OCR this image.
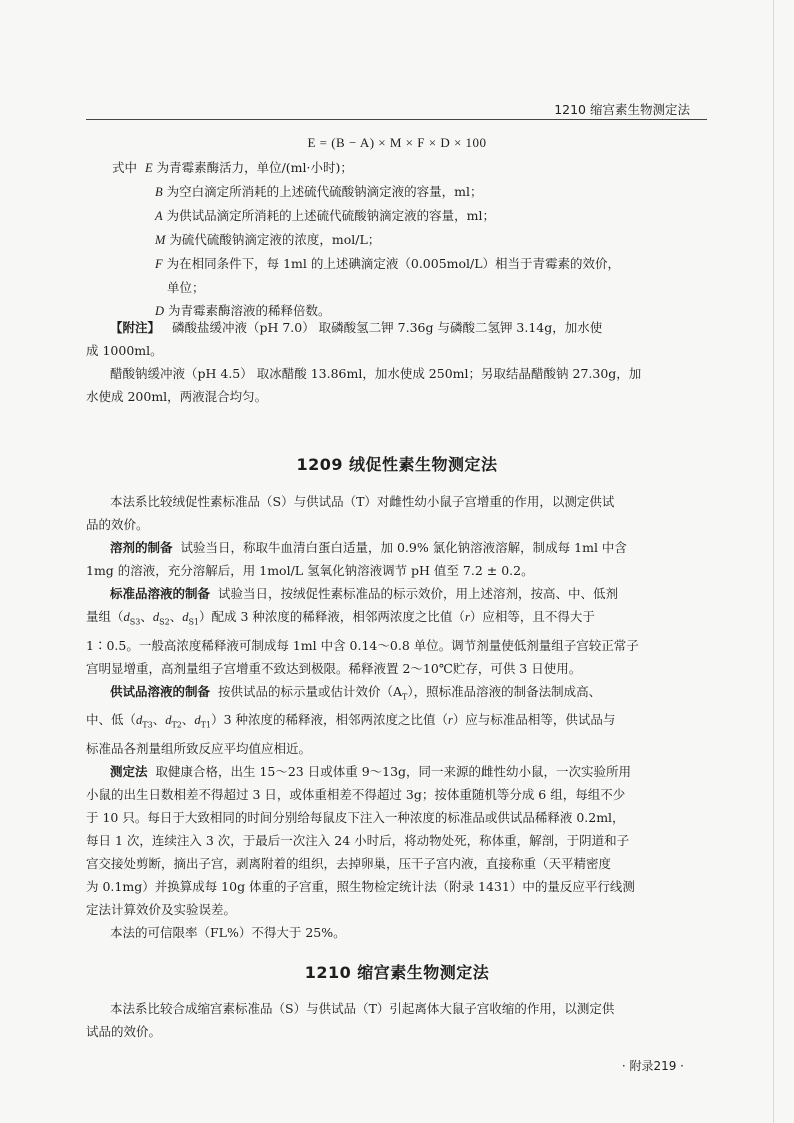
1210 缩宫素生物测定法
E = (B − A) × M × F × D × 100
式中 E 为青霉素酶活力，单位/(ml·小时)；
B 为空白滴定所消耗的上述硫代硫酸钠滴定液的容量，ml；
A 为供试品滴定所消耗的上述硫代硫酸钠滴定液的容量，ml；
M 为硫代硫酸钠滴定液的浓度，mol/L；
F 为在相同条件下，每 1ml 的上述碘滴定液（0.005mol/L）相当于青霉素的效价，
单位；
D 为青霉素酶溶液的稀释倍数。
【附注】 磷酸盐缓冲液（pH 7.0） 取磷酸氢二钾 7.36g 与磷酸二氢钾 3.14g，加水使
成 1000ml。
醋酸钠缓冲液（pH 4.5） 取冰醋酸 13.86ml，加水使成 250ml；另取结晶醋酸钠 27.30g，加
水使成 200ml，两液混合均匀。
1209 绒促性素生物测定法
本法系比较绒促性素标准品（S）与供试品（T）对雌性幼小鼠子宫增重的作用，以测定供试
品的效价。
溶剂的制备 试验当日，称取牛血清白蛋白适量，加 0.9% 氯化钠溶液溶解，制成每 1ml 中含
1mg 的溶液，充分溶解后，用 1mol/L 氢氧化钠溶液调节 pH 值至 7.2 ± 0.2。
标准品溶液的制备 试验当日，按绒促性素标准品的标示效价，用上述溶剂，按高、中、低剂
量组（$d_{S3}$、$d_{S2}$、$d_{S1}$）配成 3 种浓度的稀释液，相邻两浓度之比值（r）应相等，且不得大于
1∶0.5。一般高浓度稀释液可制成每 1ml 中含 0.14～0.8 单位。调节剂量使低剂量组子宫较正常子
宫明显增重，高剂量组子宫增重不致达到极限。稀释液置 2～10℃贮存，可供 3 日使用。
供试品溶液的制备 按供试品的标示量或估计效价$(A_T)$，照标准品溶液的制备法制成高、
中、低（$d_{T3}$、$d_{T2}$、$d_{T1})3$ 种浓度的稀释液，相邻两浓度之比值（r）应与标准品相等，供试品与
标准品各剂量组所致反应平均值应相近。
测定法 取健康合格，出生 15～23 日或体重 9～13g，同一来源的雌性幼小鼠，一次实验所用
小鼠的出生日数相差不得超过 3 日，或体重相差不得超过 3g；按体重随机等分成 6 组，每组不少
于 10 只。每日于大致相同的时间分别给每鼠皮下注入一种浓度的标准品或供试品稀释液 0.2ml，
每日 1 次，连续注入 3 次，于最后一次注入 24 小时后，将动物处死，称体重，解剖，于阴道和子
宫交接处剪断，摘出子宫，剥离附着的组织，去掉卵巢，压干子宫内液，直接称重（天平精密度
为 0.1mg）并换算成每 10g 体重的子宫重，照生物检定统计法（附录 1431）中的量反应平行线测
定法计算效价及实验误差。
本法的可信限率（FL%）不得大于 25%。
1210 缩宫素生物测定法
本法系比较合成缩宫素标准品（S）与供试品（T）引起离体大鼠子宫收缩的作用，以测定供
试品的效价。
· 附录219 ·
